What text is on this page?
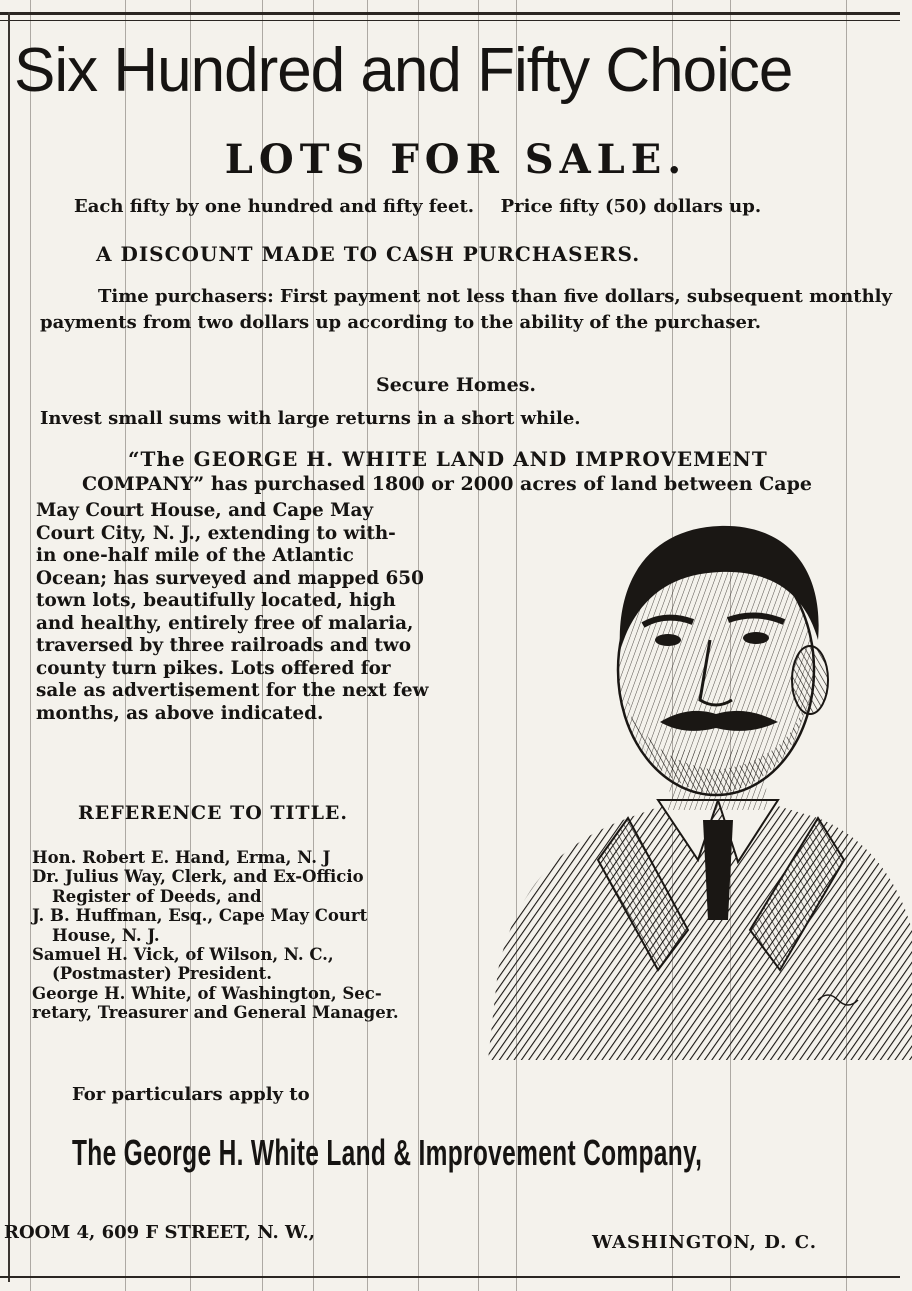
Six Hundred and Fifty Choice
LOTS FOR SALE.
Each fifty by one hundred and fifty feet. Price fifty (50) dollars up.
A DISCOUNT MADE TO CASH PURCHASERS.

Time purchasers: First payment not less than five dollars, subsequent monthly payments from two dollars up according to the ability of the purchaser.

Secure Homes.
Invest small sums with large returns in a short while.
“The GEORGE H. WHITE LAND AND IMPROVEMENT
COMPANY” has purchased 1800 or 2000 acres of land between Cape
May Court House, and Cape May
Court City, N. J., extending to with-
in one-half mile of the Atlantic
Ocean; has surveyed and mapped 650
town lots, beautifully located, high
and healthy, entirely free of malaria,
traversed by three railroads and two
county turn pikes. Lots offered for
sale as advertisement for the next few
months, as above indicated.
REFERENCE TO TITLE.
Hon. Robert E. Hand, Erma, N. J
Dr. Julius Way, Clerk, and Ex-Officio
Register of Deeds, and
J. B. Huffman, Esq., Cape May Court
House, N. J.
Samuel H. Vick, of Wilson, N. C.,
(Postmaster) President.
George H. White, of Washington, Sec-
retary, Treasurer and General Manager.
For particulars apply to
The George H. White Land & Improvement Company,
ROOM 4, 609 F STREET, N. W.,	WASHINGTON, D. C.
